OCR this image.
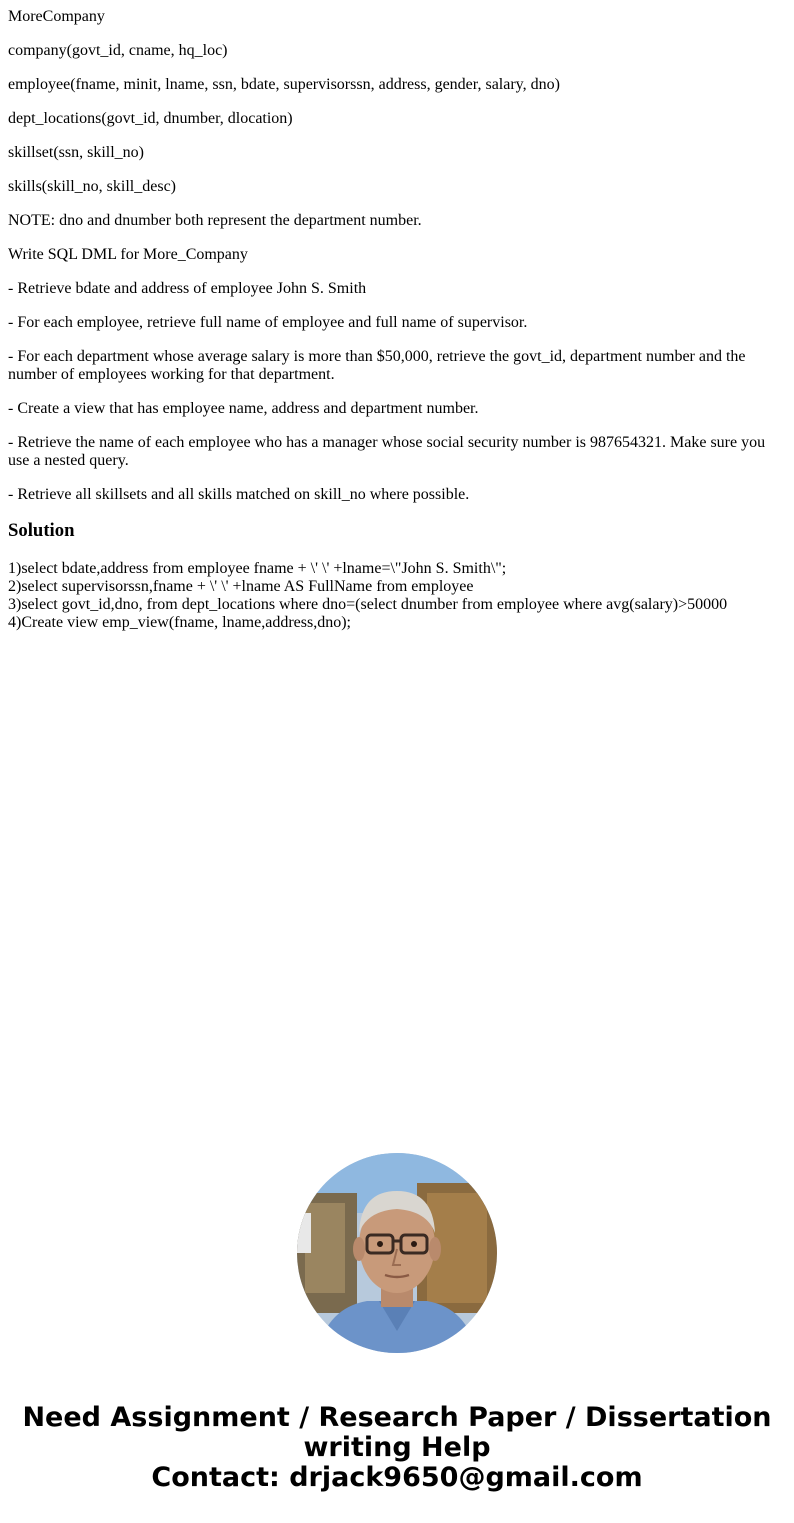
MoreCompany

company(govt_id, cname, hq_loc)

employee(fname, minit, lname, ssn, bdate, supervisorssn, address, gender, salary, dno)

dept_locations(govt_id, dnumber, dlocation)

skillset(ssn, skill_no)

skills(skill_no, skill_desc)

NOTE: dno and dnumber both represent the department number.

Write SQL DML for More_Company

- Retrieve bdate and address of employee John S. Smith

- For each employee, retrieve full name of employee and full name of supervisor.

- For each department whose average salary is more than $50,000, retrieve the govt_id, department number and the number of employees working for that department.

- Create a view that has employee name, address and department number.

- Retrieve the name of each employee who has a manager whose social security number is 987654321. Make sure you use a nested query.

- Retrieve all skillsets and all skills matched on skill_no where possible.

Solution
1)select bdate,address from employee fname + \' \' +lname=\"John S. Smith\";
2)select supervisorssn,fname + \' \' +lname AS FullName from employee
3)select govt_id,dno, from dept_locations where dno=(select dnumber from employee where avg(salary)>50000
4)Create view emp_view(fname, lname,address,dno);
Need Assignment / Research Paper / Dissertation
writing Help
Contact: drjack9650@gmail.com
